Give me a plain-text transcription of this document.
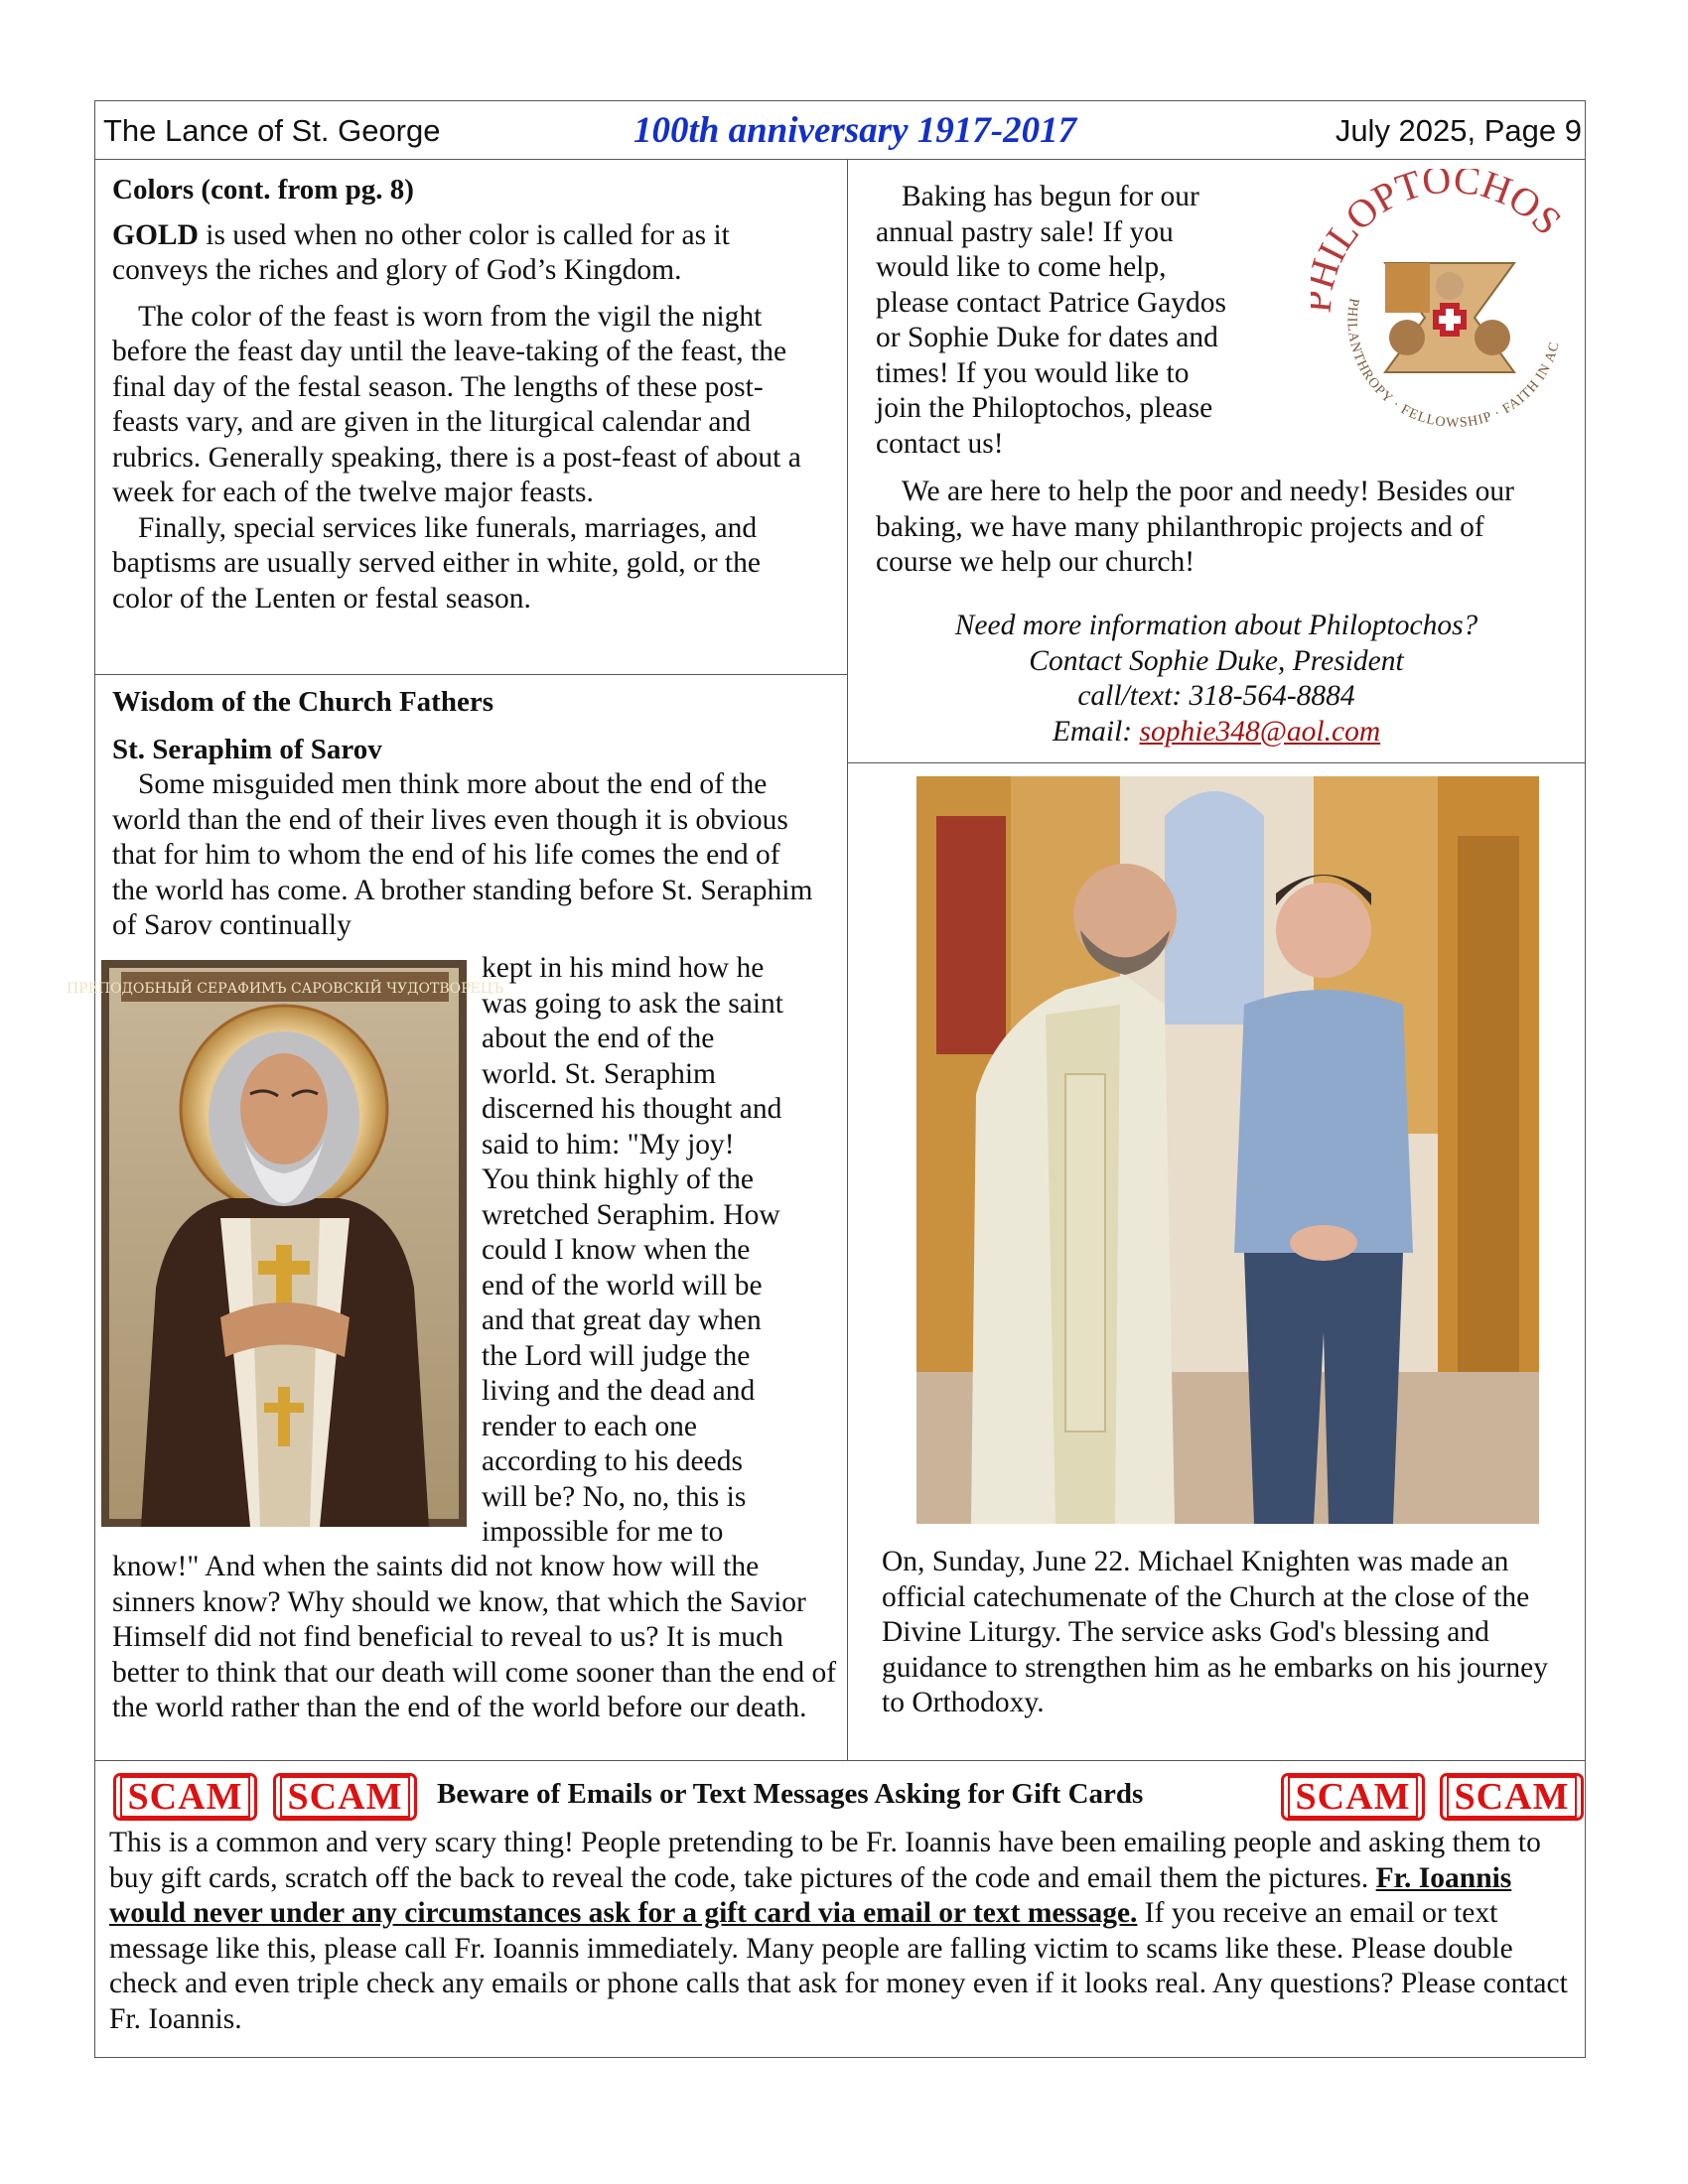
The Lance of St. George	100th anniversary 1917-2017	July 2025, Page 9

Colors (cont. from pg. 8)

GOLD is used when no other color is called for as it conveys the riches and glory of God’s Kingdom.

The color of the feast is worn from the vigil the night before the feast day until the leave-taking of the feast, the final day of the festal season. The lengths of these post-feasts vary, and are given in the liturgical calendar and rubrics. Generally speaking, there is a post-feast of about a week for each of the twelve major feasts.

Finally, special services like funerals, marriages, and baptisms are usually served either in white, gold, or the color of the Lenten or festal season.

Wisdom of the Church Fathers

St. Seraphim of Sarov

Some misguided men think more about the end of the world than the end of their lives even though it is obvious that for him to whom the end of his life comes the end of the world has come. A brother standing before St. Seraphim of Sarov continually

ПРЕПОДОБНЫЙ СЕРАФИМЪ САРОВСКІЙ ЧУДОТВОРЕЦЪ

kept in his mind how he

was going to ask the saint

about the end of the

world. St. Seraphim

discerned his thought and

said to him: "My joy!

You think highly of the

wretched Seraphim. How

could I know when the

end of the world will be

and that great day when

the Lord will judge the

living and the dead and

render to each one

according to his deeds

will be? No, no, this is

impossible for me to

know!" And when the saints did not know how will the sinners know? Why should we know, that which the Savior Himself did not find beneficial to reveal to us? It is much better to think that our death will come sooner than the end of the world rather than the end of the world before our death.

Baking has begun for our

annual pastry sale! If you

would like to come help,

please contact Patrice Gaydos

or Sophie Duke for dates and

times! If you would like to

join the Philoptochos, please

contact us!

ILOPTOCHOS
PHILANTHROPY · FELLOWSHIP · FAITH IN AC

We are here to help the poor and needy! Besides our baking, we have many philanthropic projects and of course we help our church!

Need more information about Philoptochos?

Contact Sophie Duke, President

call/text: 318-564-8884

Email: sophie348@aol.com

On, Sunday, June 22. Michael Knighten was made an official catechumenate of the Church at the close of the Divine Liturgy. The service asks God's blessing and guidance to strengthen him as he embarks on his journey to Orthodoxy.
SCAM SCAM Beware of Emails or Text Messages Asking for Gift Cards	SCAM SCAM
This is a common and very scary thing! People pretending to be Fr. Ioannis have been emailing people and asking them to buy gift cards, scratch off the back to reveal the code, take pictures of the code and email them the pictures. Fr. Ioannis would never under any circumstances ask for a gift card via email or text message. If you receive an email or text message like this, please call Fr. Ioannis immediately. Many people are falling victim to scams like these. Please double check and even triple check any emails or phone calls that ask for money even if it looks real. Any questions? Please contact Fr. Ioannis.
